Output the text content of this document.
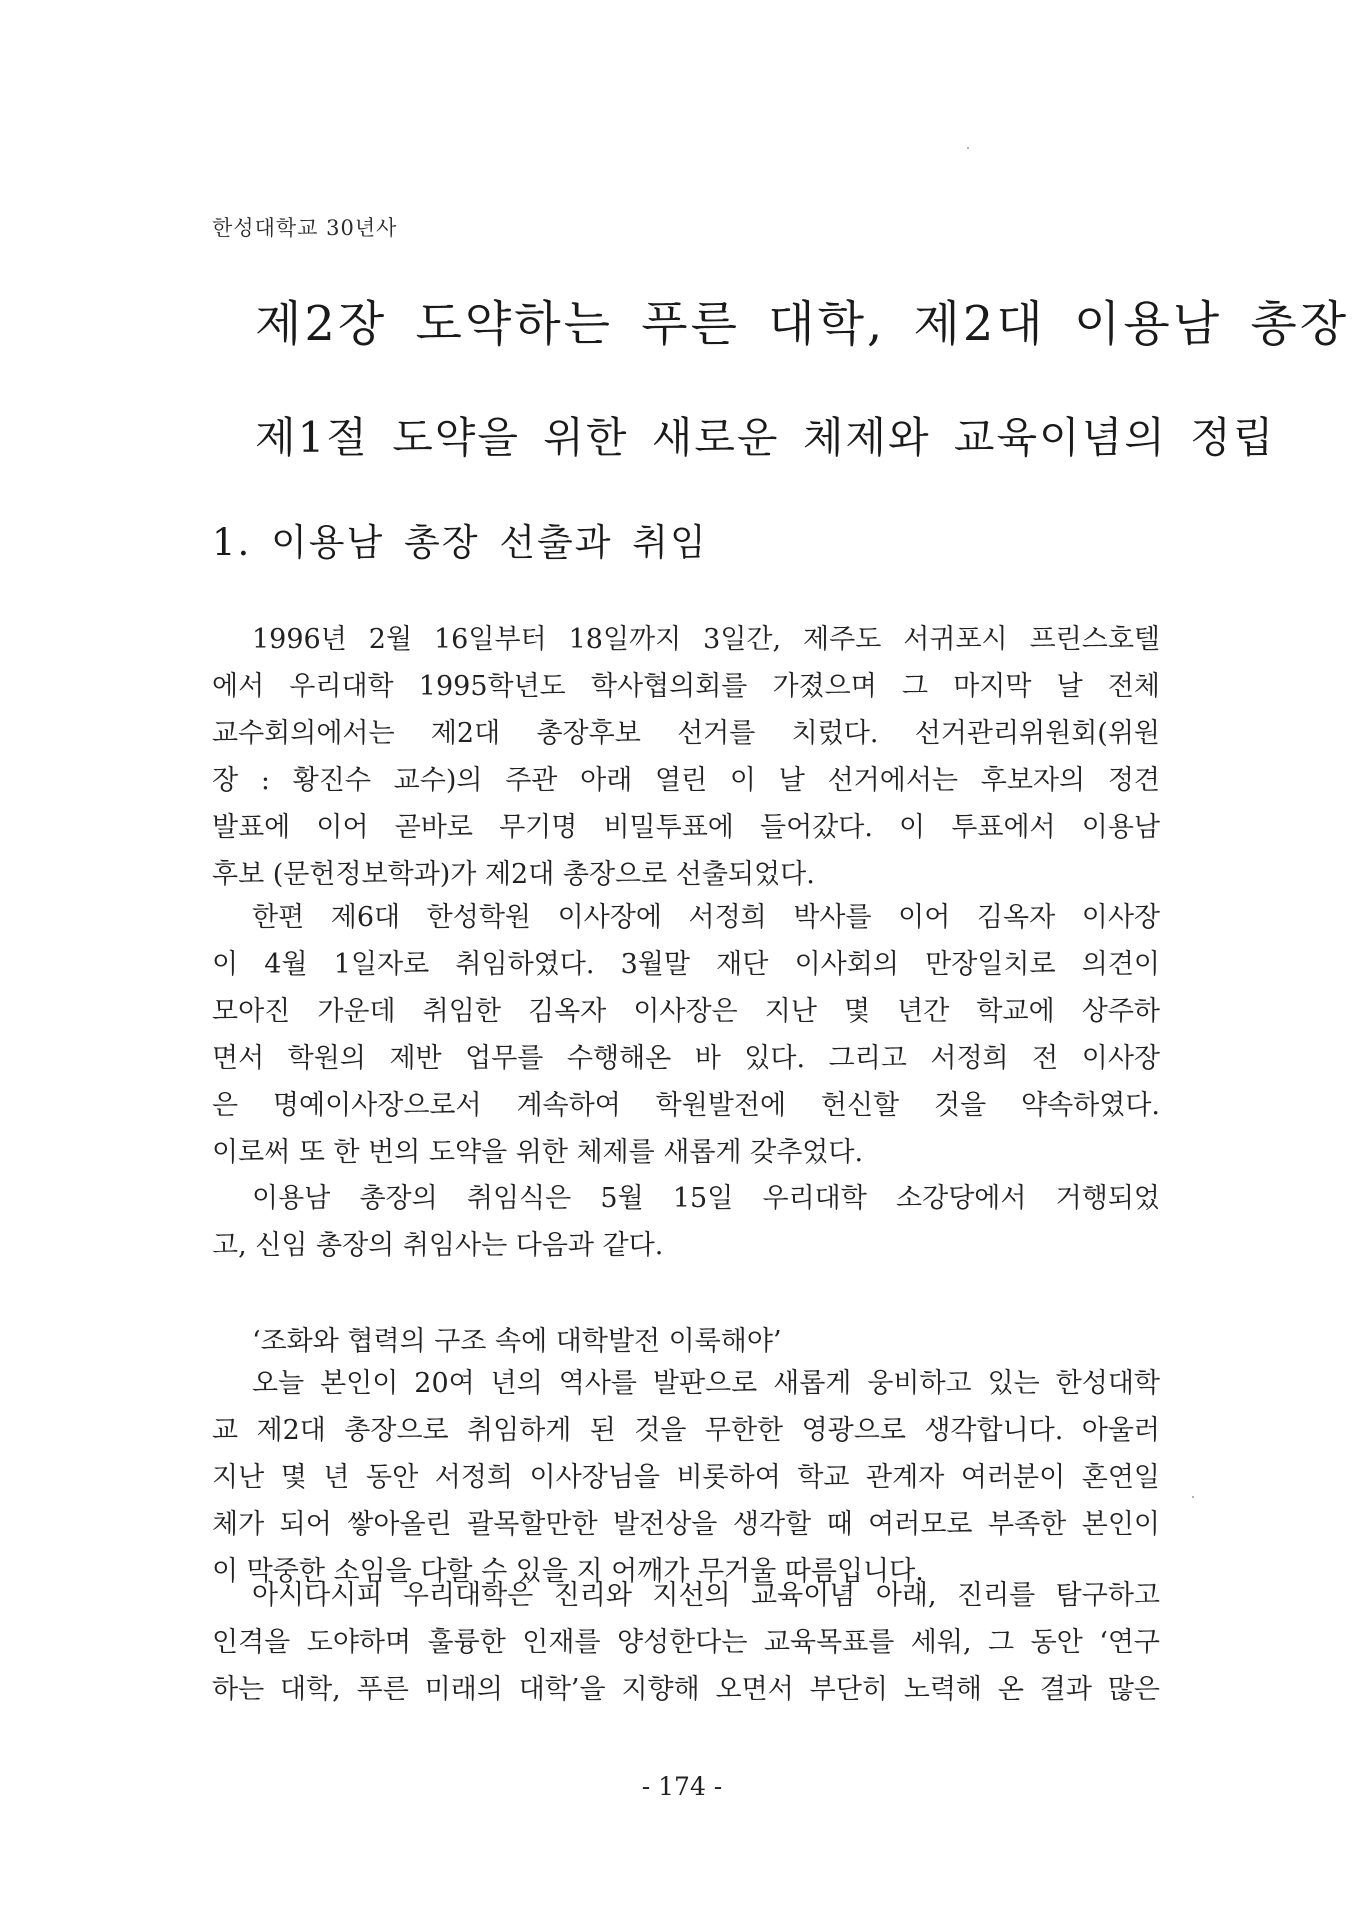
한성대학교 30년사
제2장 도약하는 푸른 대학, 제2대 이용남 총장
제1절 도약을 위한 새로운 체제와 교육이념의 정립
1. 이용남 총장 선출과 취임
1996년 2월 16일부터 18일까지 3일간, 제주도 서귀포시 프린스호텔
에서 우리대학 1995학년도 학사협의회를 가졌으며 그 마지막 날 전체
교수회의에서는 제2대 총장후보 선거를 치렀다. 선거관리위원회(위원
장 : 황진수 교수)의 주관 아래 열린 이 날 선거에서는 후보자의 정견
발표에 이어 곧바로 무기명 비밀투표에 들어갔다. 이 투표에서 이용남
후보 (문헌정보학과)가 제2대 총장으로 선출되었다.
한편 제6대 한성학원 이사장에 서정희 박사를 이어 김옥자 이사장
이 4월 1일자로 취임하였다. 3월말 재단 이사회의 만장일치로 의견이
모아진 가운데 취임한 김옥자 이사장은 지난 몇 년간 학교에 상주하
면서 학원의 제반 업무를 수행해온 바 있다. 그리고 서정희 전 이사장
은 명예이사장으로서 계속하여 학원발전에 헌신할 것을 약속하였다.
이로써 또 한 번의 도약을 위한 체제를 새롭게 갖추었다.
이용남 총장의 취임식은 5월 15일 우리대학 소강당에서 거행되었
고, 신임 총장의 취임사는 다음과 같다.
‘조화와 협력의 구조 속에 대학발전 이룩해야’
오늘 본인이 20여 년의 역사를 발판으로 새롭게 웅비하고 있는 한성대학
교 제2대 총장으로 취임하게 된 것을 무한한 영광으로 생각합니다. 아울러
지난 몇 년 동안 서정희 이사장님을 비롯하여 학교 관계자 여러분이 혼연일
체가 되어 쌓아올린 괄목할만한 발전상을 생각할 때 여러모로 부족한 본인이
이 막중한 소임을 다할 수 있을 지 어깨가 무거울 따름입니다.
아시다시피 우리대학은 진리와 지선의 교육이념 아래, 진리를 탐구하고
인격을 도야하며 훌륭한 인재를 양성한다는 교육목표를 세워, 그 동안 ‘연구
하는 대학, 푸른 미래의 대학’을 지향해 오면서 부단히 노력해 온 결과 많은
- 174 -
